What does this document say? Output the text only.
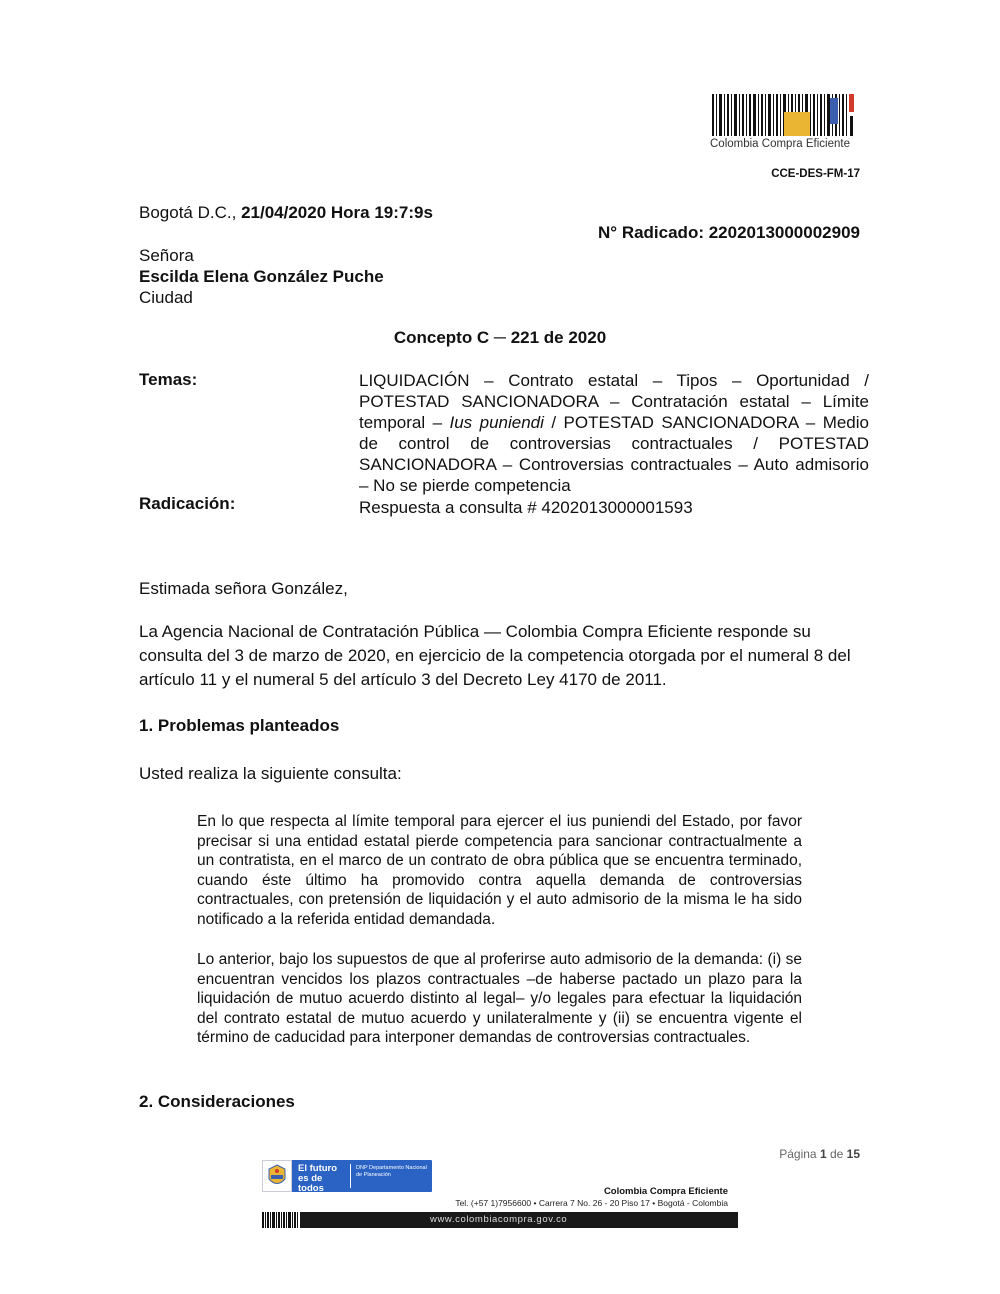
Colombia Compra Eficiente
CCE-DES-FM-17
Bogotá D.C., 21/04/2020 Hora 19:7:9s
N° Radicado: 2202013000002909
Señora
Escilda Elena González Puche
Ciudad
Concepto C ─ 221 de 2020
Temas:	LIQUIDACIÓN – Contrato estatal – Tipos – Oportunidad / POTESTAD SANCIONADORA – Contratación estatal – Límite temporal – Ius puniendi / POTESTAD SANCIONADORA – Medio de control de controversias contractuales / POTESTAD SANCIONADORA – Controversias contractuales – Auto admisorio – No se pierde competencia
Radicación:	Respuesta a consulta # 4202013000001593
Estimada señora González,
La Agencia Nacional de Contratación Pública — Colombia Compra Eficiente responde su consulta del 3 de marzo de 2020, en ejercicio de la competencia otorgada por el numeral 8 del artículo 11 y el numeral 5 del artículo 3 del Decreto Ley 4170 de 2011.
1. Problemas planteados
Usted realiza la siguiente consulta:
En lo que respecta al límite temporal para ejercer el ius puniendi del Estado, por favor precisar si una entidad estatal pierde competencia para sancionar contractualmente a un contratista, en el marco de un contrato de obra pública que se encuentra terminado, cuando éste último ha promovido contra aquella demanda de controversias contractuales, con pretensión de liquidación y el auto admisorio de la misma le ha sido notificado a la referida entidad demandada.
Lo anterior, bajo los supuestos de que al proferirse auto admisorio de la demanda: (i) se encuentran vencidos los plazos contractuales –de haberse pactado un plazo para la liquidación de mutuo acuerdo distinto al legal– y/o legales para efectuar la liquidación del contrato estatal de mutuo acuerdo y unilateralmente y (ii) se encuentra vigente el término de caducidad para interponer demandas de controversias contractuales.
2. Consideraciones
Página 1 de 15
El futuro es de todos
DNP Departamento Nacional de Planeación
Colombia Compra Eficiente
Tel. (+57 1)7956600 • Carrera 7 No. 26 - 20 Piso 17 • Bogotá - Colombia
www.colombiacompra.gov.co
